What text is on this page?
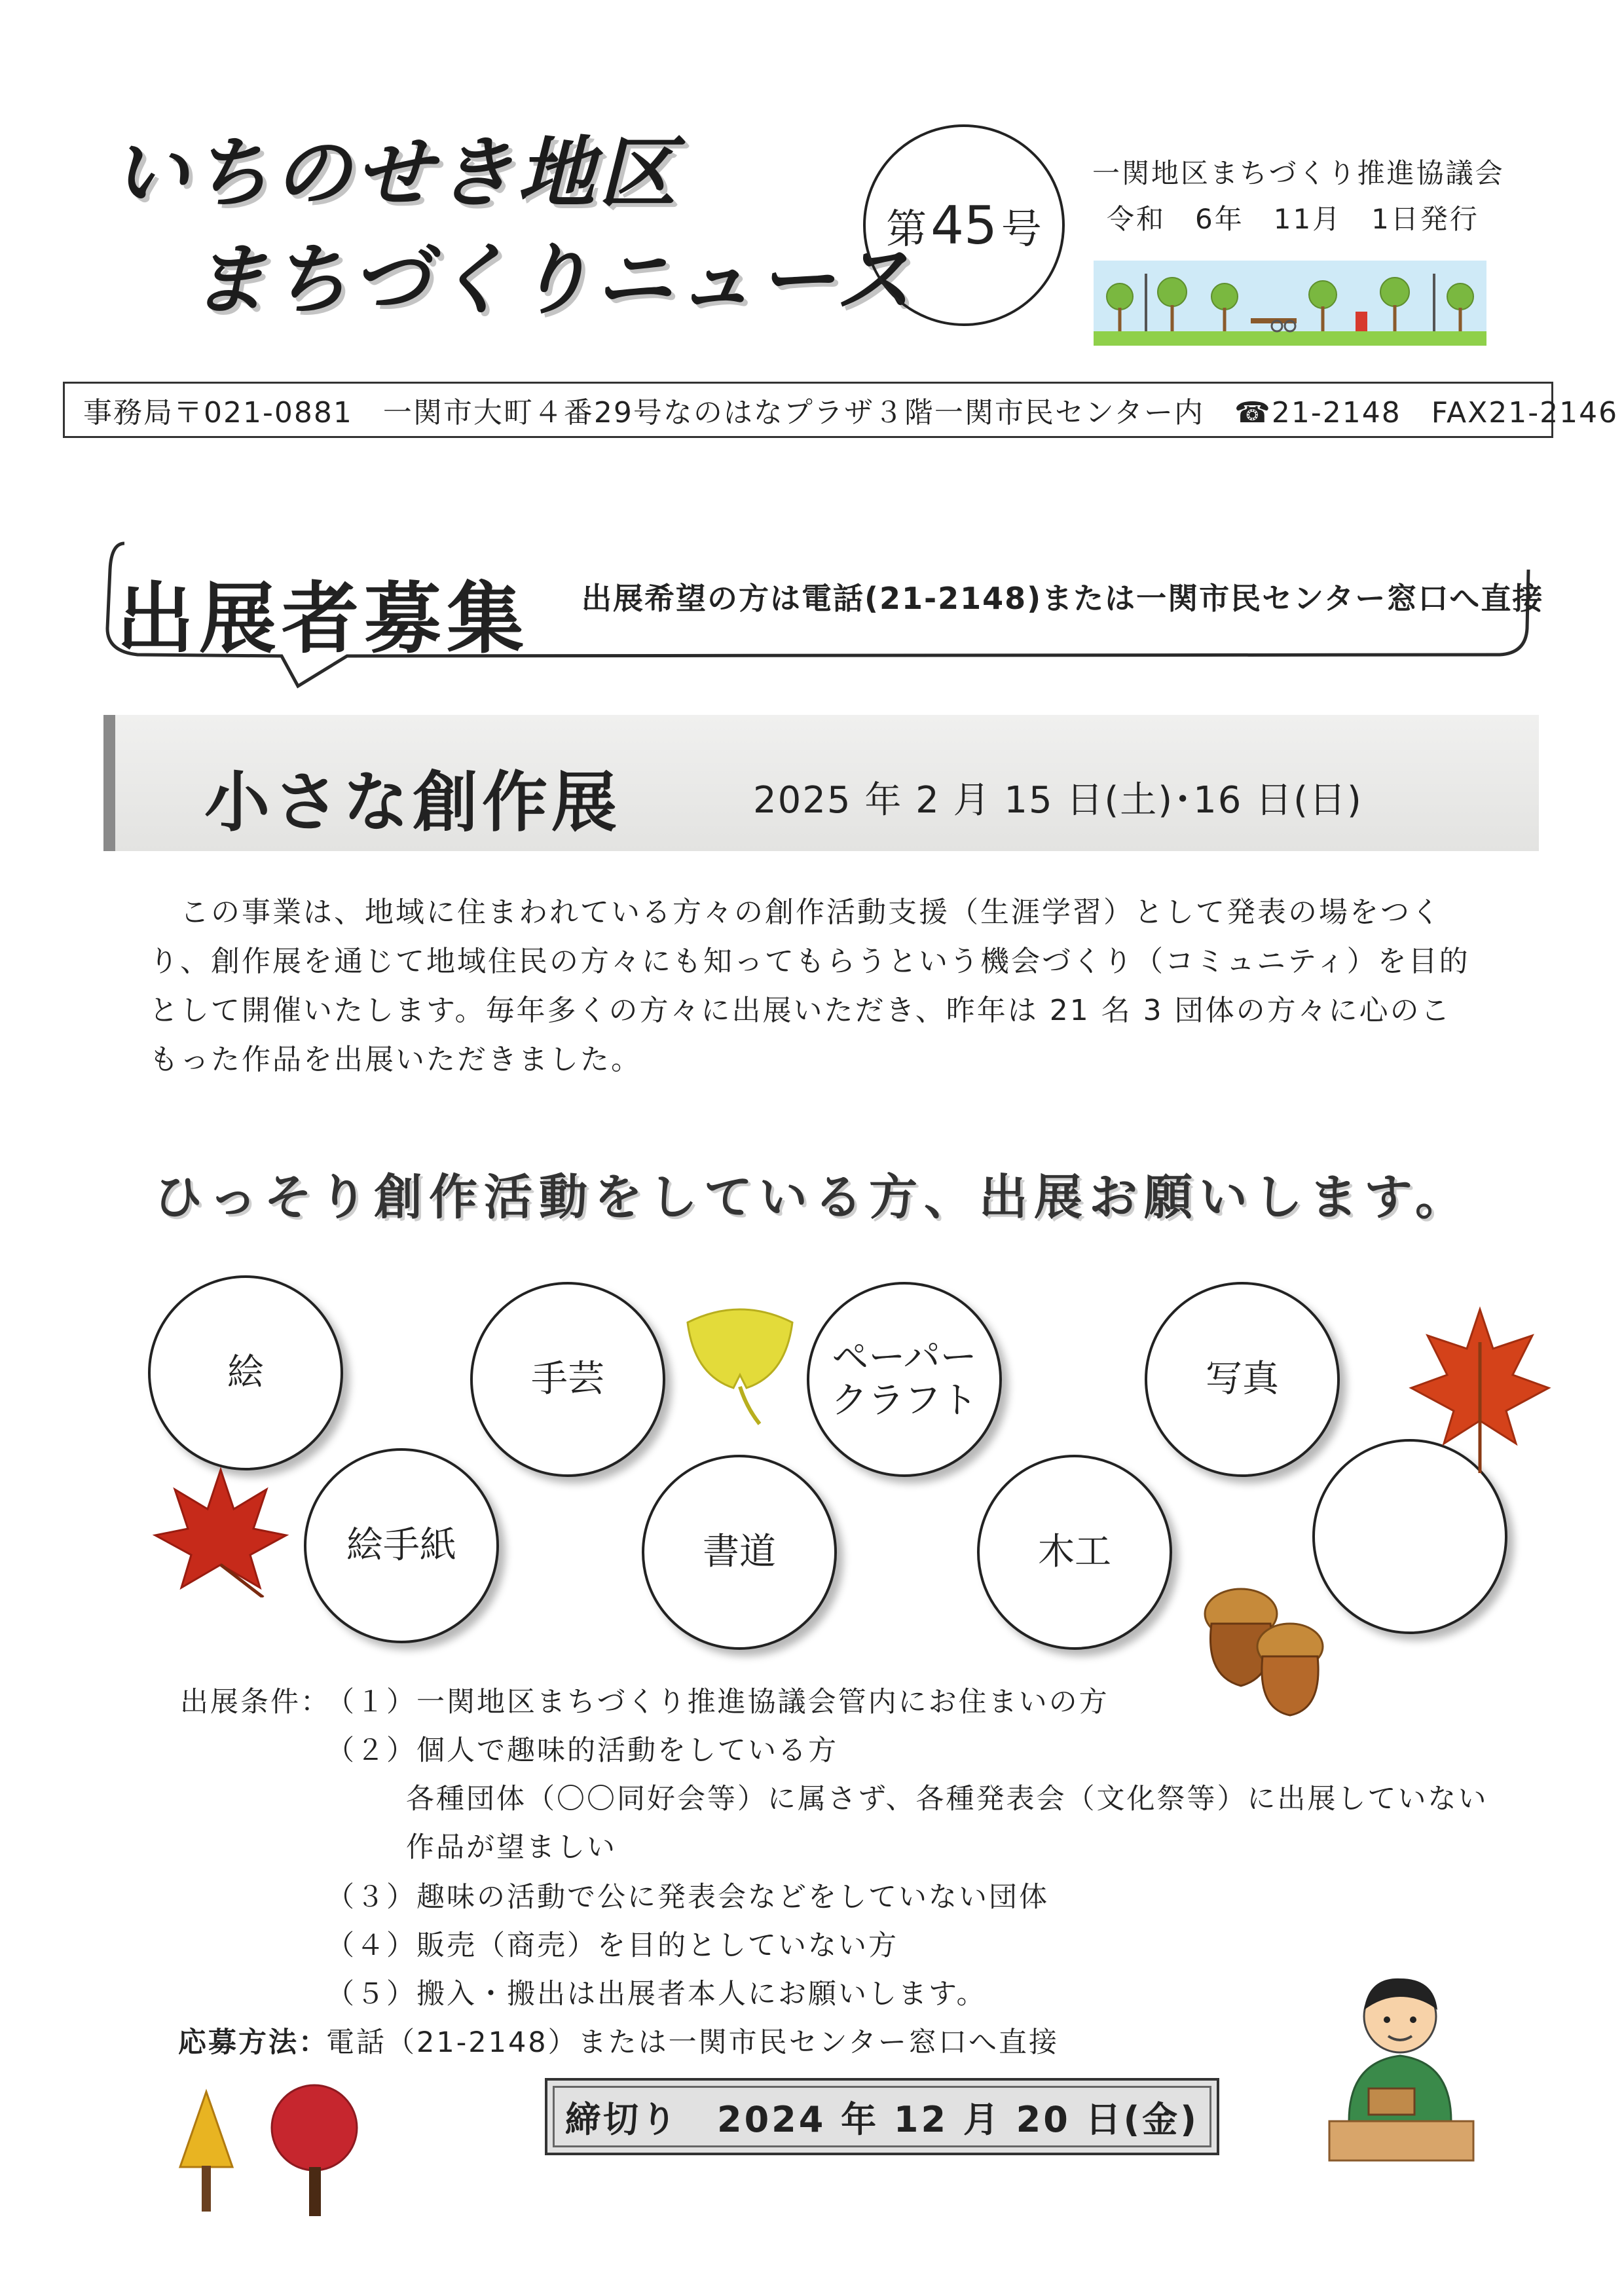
いちのせき地区
まちづくりニュース
第 45 号
一関地区まちづくり推進協議会
令和　6年　11月　1日発行
事務局〒021-0881　一関市大町４番29号なのはなプラザ３階一関市民センター内　☎21-2148　FAX21-2146
出展者募集 出展希望の方は電話(21-2148)または一関市民センター窓口へ直接
小さな創作展	2025 年 2 月 15 日(土)･16 日(日)
　この事業は、地域に住まわれている方々の創作活動支援（生涯学習）として発表の場をつくり、創作展を通じて地域住民の方々にも知ってもらうという機会づくり（コミュニティ）を目的として開催いたします。毎年多くの方々に出展いただき、昨年は 21 名 3 団体の方々に心のこもった作品を出展いただきました。
ひっそり創作活動をしている方、出展お願いします。
絵	手芸
ペーパー
クラフト
写真
絵手紙	書道	木工
出展条件：
（１）一関地区まちづくり推進協議会管内にお住まいの方
（２）個人で趣味的活動をしている方
各種団体（〇〇同好会等）に属さず、各種発表会（文化祭等）に出展していない
作品が望ましい
（３）趣味の活動で公に発表会などをしていない団体
（４）販売（商売）を目的としていない方
（５）搬入・搬出は出展者本人にお願いします。
応募方法：
電話（21-2148）または一関市民センター窓口へ直接
締切り　2024 年 12 月 20 日(金)
